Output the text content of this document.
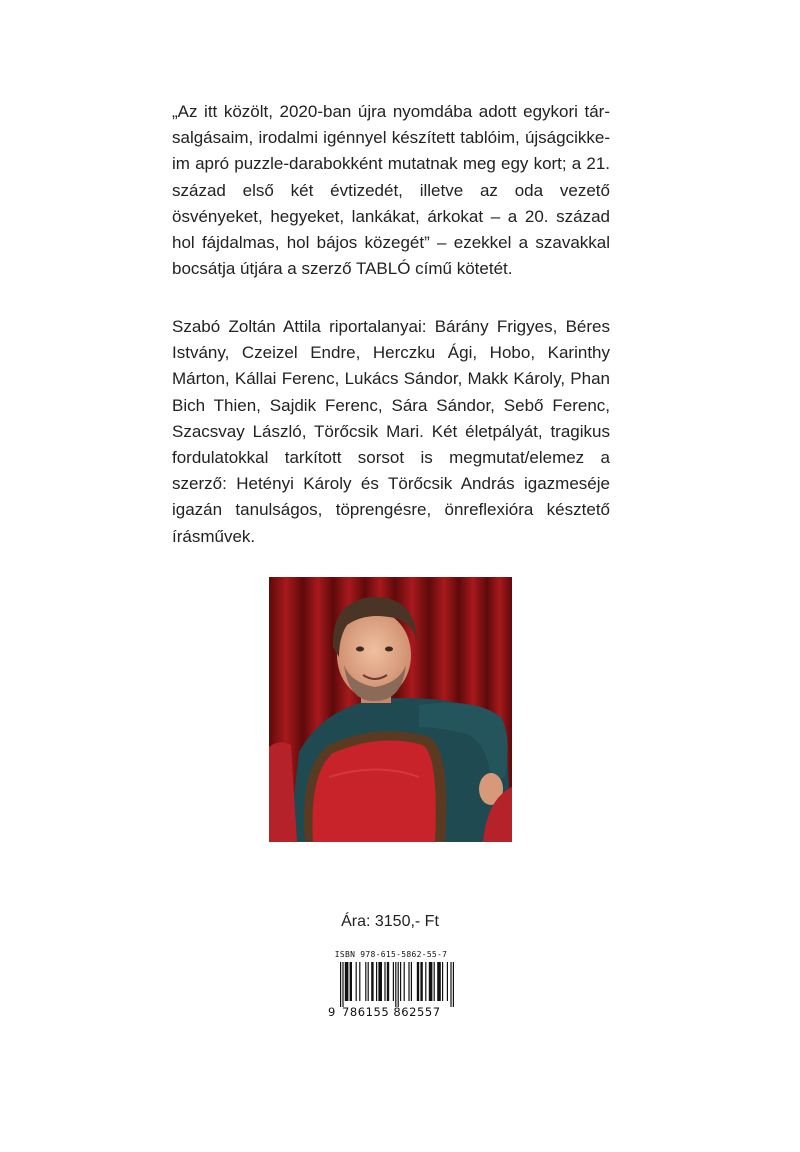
„Az itt közölt, 2020-ban újra nyomdába adott egykori társalgásaim, irodalmi igénnyel készített tablóim, újságcikkeim apró puzzle-darabokként mutatnak meg egy kort; a 21. század első két évtizedét, illetve az oda vezető ösvényeket, hegyeket, lankákat, árkokat – a 20. század hol fájdalmas, hol bájos közegét” – ezekkel a szavakkal bocsátja útjára a szerző TABLÓ című kötetét.

Szabó Zoltán Attila riportalanyai: Bárány Frigyes, Béres Istvány, Czeizel Endre, Herczku Ági, Hobo, Karinthy Márton, Kállai Ferenc, Lukács Sándor, Makk Károly, Phan Bich Thien, Sajdik Ferenc, Sára Sándor, Sebő Ferenc, Szacsvay László, Törőcsik Mari. Két életpályát, tragikus fordulatokkal tarkított sorsot is megmutat/elemez a szerző: Hetényi Károly és Törőcsik András igazmeséje igazán tanulságos, töprengésre, önreflexióra késztető írásművek.

Ára: 3150,- Ft
ISBN 978-615-5862-55-7
9 786155 862557
